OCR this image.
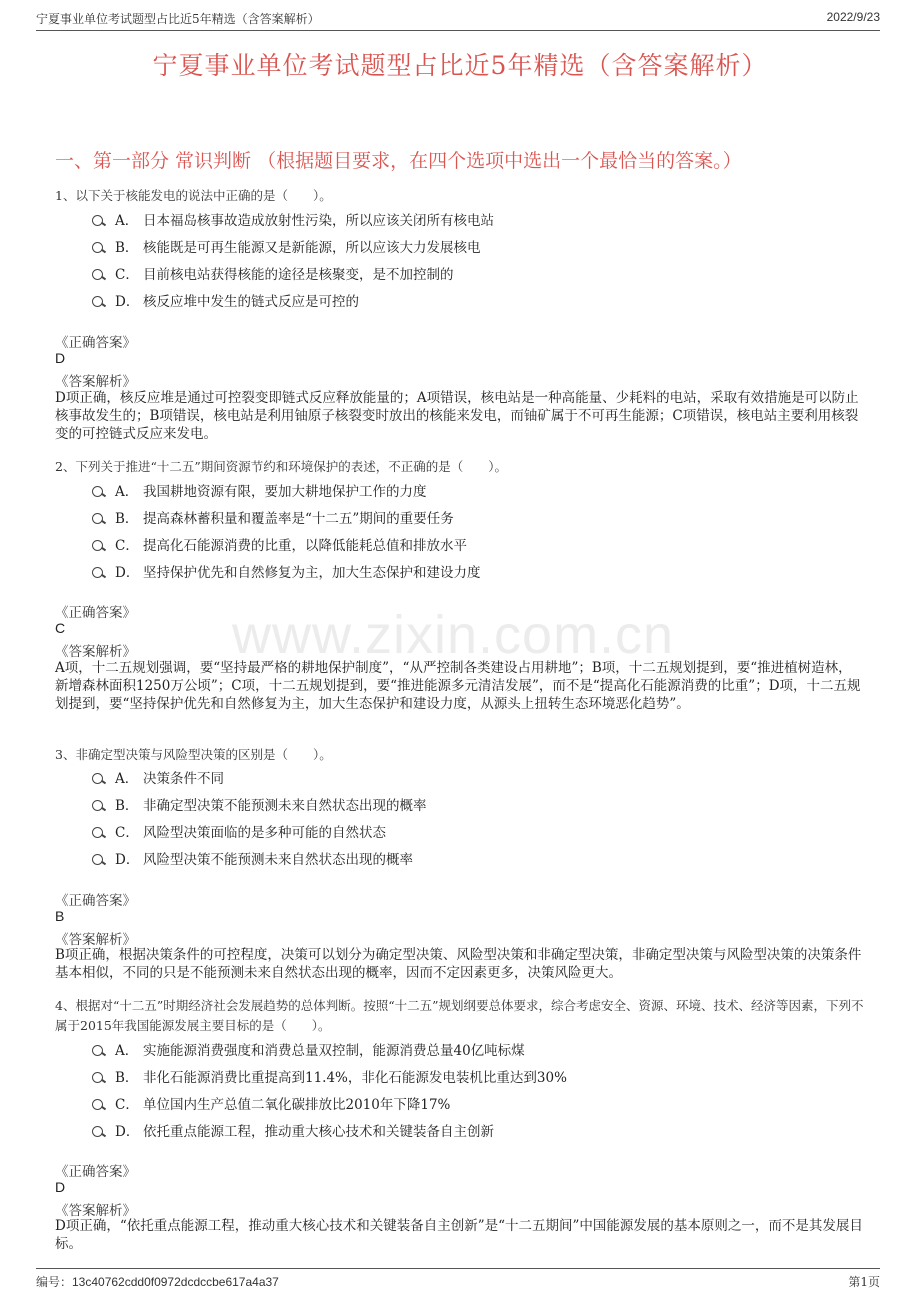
宁夏事业单位考试题型占比近5年精选（含答案解析）	2022/9/23
宁夏事业单位考试题型占比近5年精选（含答案解析）
一、第一部分 常识判断 （根据题目要求，在四个选项中选出一个最恰当的答案。）
www.zixin.com.cn
1、以下关于核能发电的说法中正确的是（　　）。
A． 日本福岛核事故造成放射性污染，所以应该关闭所有核电站
B． 核能既是可再生能源又是新能源，所以应该大力发展核电
C． 目前核电站获得核能的途径是核聚变，是不加控制的
D． 核反应堆中发生的链式反应是可控的
《正确答案》
D
《答案解析》
D项正确，核反应堆是通过可控裂变即链式反应释放能量的；A项错误，核电站是一种高能量、少耗料的电站，采取有效措施是可以防止核事故发生的；B项错误，核电站是利用铀原子核裂变时放出的核能来发电，而铀矿属于不可再生能源；C项错误，核电站主要利用核裂变的可控链式反应来发电。
2、下列关于推进“十二五”期间资源节约和环境保护的表述，不正确的是（　　）。
A． 我国耕地资源有限，要加大耕地保护工作的力度
B． 提高森林蓄积量和覆盖率是“十二五”期间的重要任务
C． 提高化石能源消费的比重，以降低能耗总值和排放水平
D． 坚持保护优先和自然修复为主，加大生态保护和建设力度
《正确答案》
C
《答案解析》
A项，十二五规划强调，要“坚持最严格的耕地保护制度”，“从严控制各类建设占用耕地”；B项，十二五规划提到，要“推进植树造林，新增森林面积1250万公顷”；C项，十二五规划提到，要“推进能源多元清洁发展”，而不是“提高化石能源消费的比重”；D项，十二五规划提到，要“坚持保护优先和自然修复为主，加大生态保护和建设力度，从源头上扭转生态环境恶化趋势”。
3、非确定型决策与风险型决策的区别是（　　）。
A． 决策条件不同
B． 非确定型决策不能预测未来自然状态出现的概率
C． 风险型决策面临的是多种可能的自然状态
D． 风险型决策不能预测未来自然状态出现的概率
《正确答案》
B
《答案解析》
B项正确，根据决策条件的可控程度，决策可以划分为确定型决策、风险型决策和非确定型决策，非确定型决策与风险型决策的决策条件基本相似，不同的只是不能预测未来自然状态出现的概率，因而不定因素更多，决策风险更大。
4、根据对“十二五”时期经济社会发展趋势的总体判断。按照“十二五”规划纲要总体要求，综合考虑安全、资源、环境、技术、经济等因素，下列不属于2015年我国能源发展主要目标的是（　　）。
A． 实施能源消费强度和消费总量双控制，能源消费总量40亿吨标煤
B． 非化石能源消费比重提高到11.4%，非化石能源发电装机比重达到30%
C． 单位国内生产总值二氧化碳排放比2010年下降17%
D． 依托重点能源工程，推动重大核心技术和关键装备自主创新
《正确答案》
D
《答案解析》
D项正确，“依托重点能源工程，推动重大核心技术和关键装备自主创新”是“十二五期间”中国能源发展的基本原则之一，而不是其发展目标。
编号：13c40762cdd0f0972dcdccbe617a4a37	第1页
